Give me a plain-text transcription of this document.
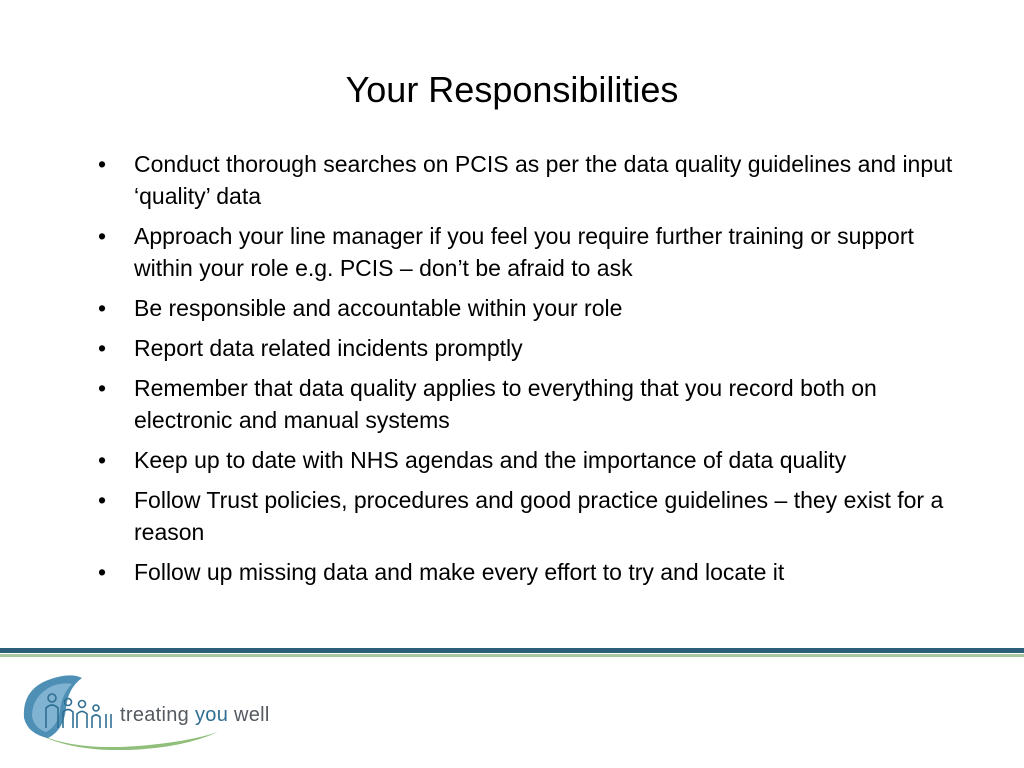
Your Responsibilities
•	Conduct thorough searches on PCIS as per the data quality guidelines and input ‘quality’ data
•	Approach your line manager if you feel you require further training or support within your role e.g. PCIS – don’t be afraid to ask
•	Be responsible and accountable within your role
•	Report data related incidents promptly
•	Remember that data quality applies to everything that you record both on electronic and manual systems
•	Keep up to date with NHS agendas and the importance of data quality
•	Follow Trust policies, procedures and good practice guidelines – they exist for a reason
•	Follow up missing data and make every effort to try and locate it
treating you well
